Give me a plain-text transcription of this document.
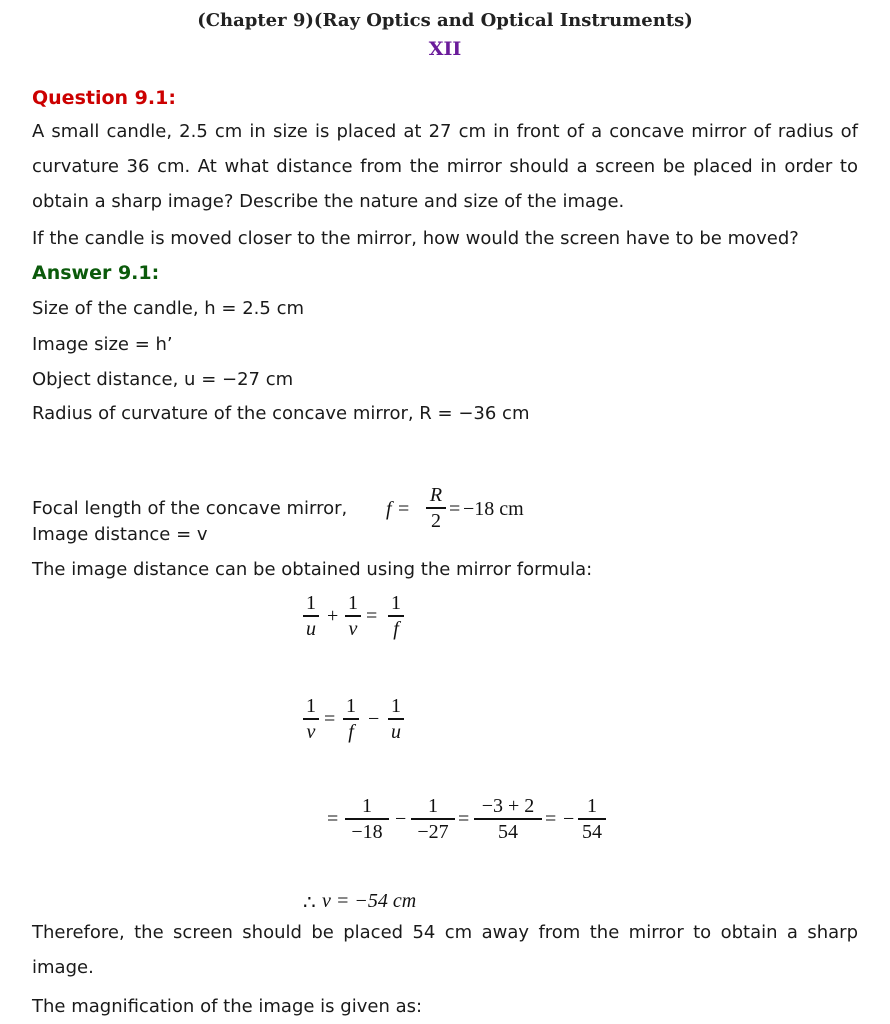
(Chapter 9)(Ray Optics and Optical Instruments)
XII
Question 9.1:
A small candle, 2.5 cm in size is placed at 27 cm in front of a concave mirror of radius of curvature 36 cm. At what distance from the mirror should a screen be placed in order to obtain a sharp image? Describe the nature and size of the image.
If the candle is moved closer to the mirror, how would the screen have to be moved?
Answer 9.1:
Size of the candle, h = 2.5 cm
Image size = h’
Object distance, u = −27 cm
Radius of curvature of the concave mirror, R = −36 cm
Focal length of the concave mirror, f =
R
2
= −18 cm
Image distance = v
The image distance can be obtained using the mirror formula:
1
u
+
1
v
=
1
f
1
v
=
1
f
−
1
u
=
1
−18
−
1
−27
=
−3 + 2
54
= −
1
54
∴ v = −54 cm
Therefore, the screen should be placed 54 cm away from the mirror to obtain a sharp image.
The magnification of the image is given as:
